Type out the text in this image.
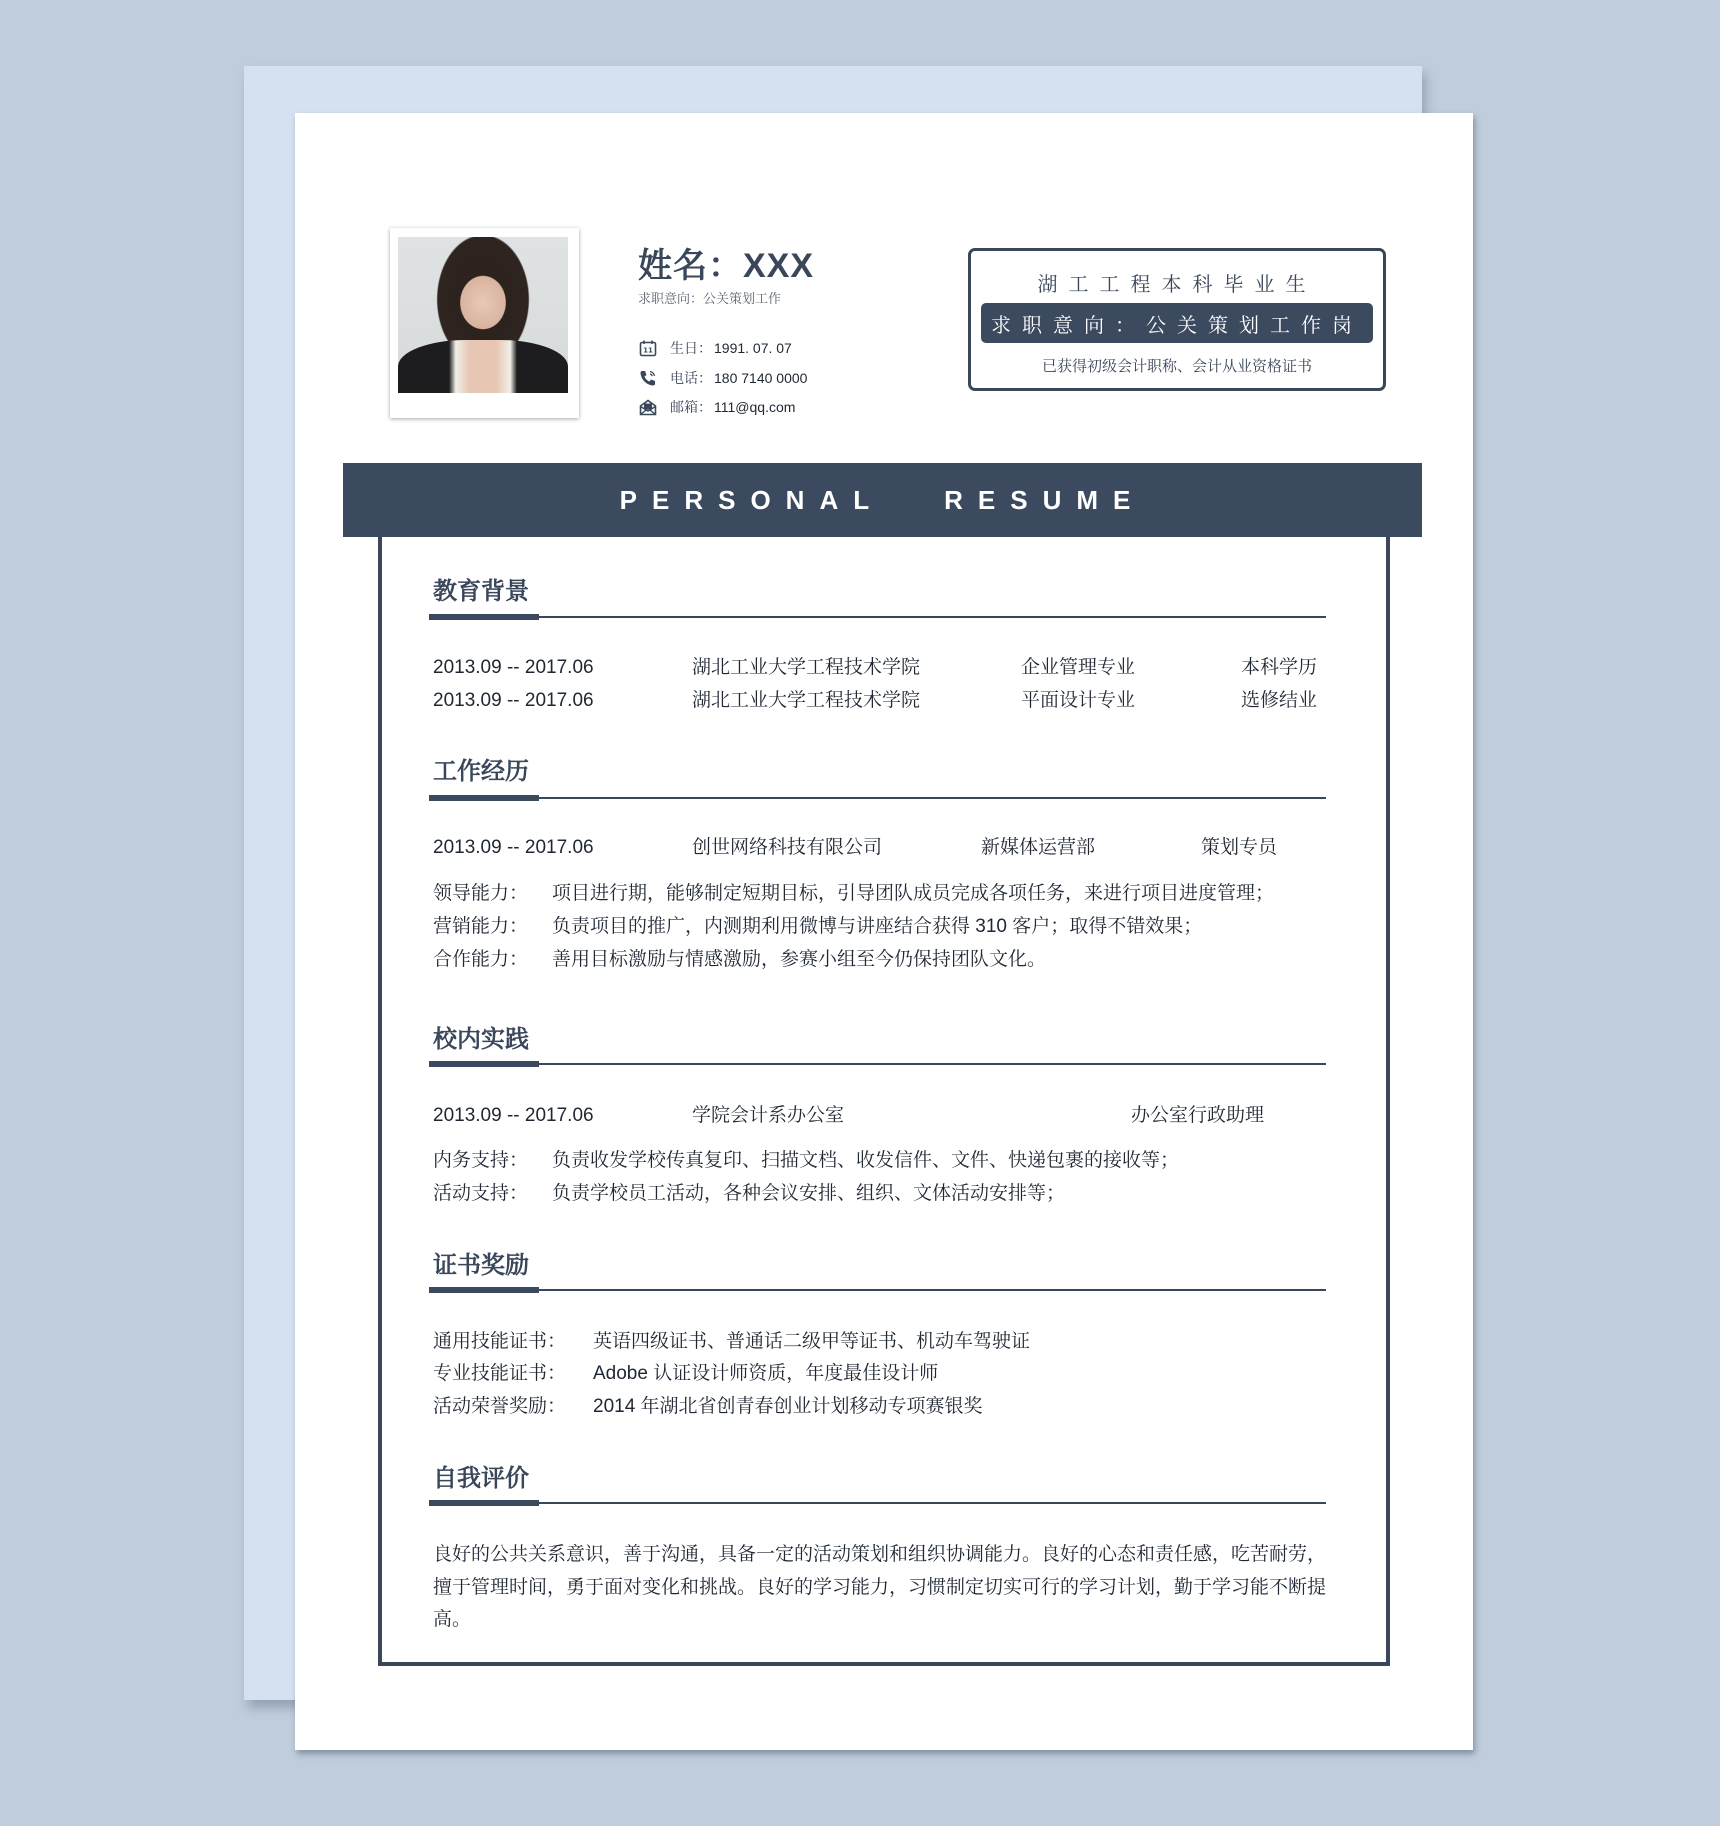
姓名：XXX
求职意向：公关策划工作
11 生日： 1991. 07. 07
电话： 180 7140 0000
邮箱： 111@qq.com
湖工工程本科毕业生
求职意向：公关策划工作岗
已获得初级会计职称、会计从业资格证书
PERSONAL RESUME
教育背景
2013.09 -- 2017.06	湖北工业大学工程技术学院	企业管理专业	本科学历
2013.09 -- 2017.06	湖北工业大学工程技术学院	平面设计专业	选修结业
工作经历
2013.09 -- 2017.06	创世网络科技有限公司	新媒体运营部	策划专员
领导能力： 项目进行期，能够制定短期目标，引导团队成员完成各项任务，来进行项目进度管理；
营销能力： 负责项目的推广，内测期利用微博与讲座结合获得 310 客户；取得不错效果；
合作能力： 善用目标激励与情感激励，参赛小组至今仍保持团队文化。
校内实践
2013.09 -- 2017.06	学院会计系办公室	办公室行政助理
内务支持： 负责收发学校传真复印、扫描文档、收发信件、文件、快递包裹的接收等；
活动支持： 负责学校员工活动，各种会议安排、组织、文体活动安排等；
证书奖励
通用技能证书： 英语四级证书、普通话二级甲等证书、机动车驾驶证
专业技能证书： Adobe 认证设计师资质，年度最佳设计师
活动荣誉奖励： 2014 年湖北省创青春创业计划移动专项赛银奖
自我评价
良好的公共关系意识，善于沟通，具备一定的活动策划和组织协调能力。良好的心态和责任感，吃苦耐劳，擅于管理时间，勇于面对变化和挑战。良好的学习能力，习惯制定切实可行的学习计划，勤于学习能不断提高。
